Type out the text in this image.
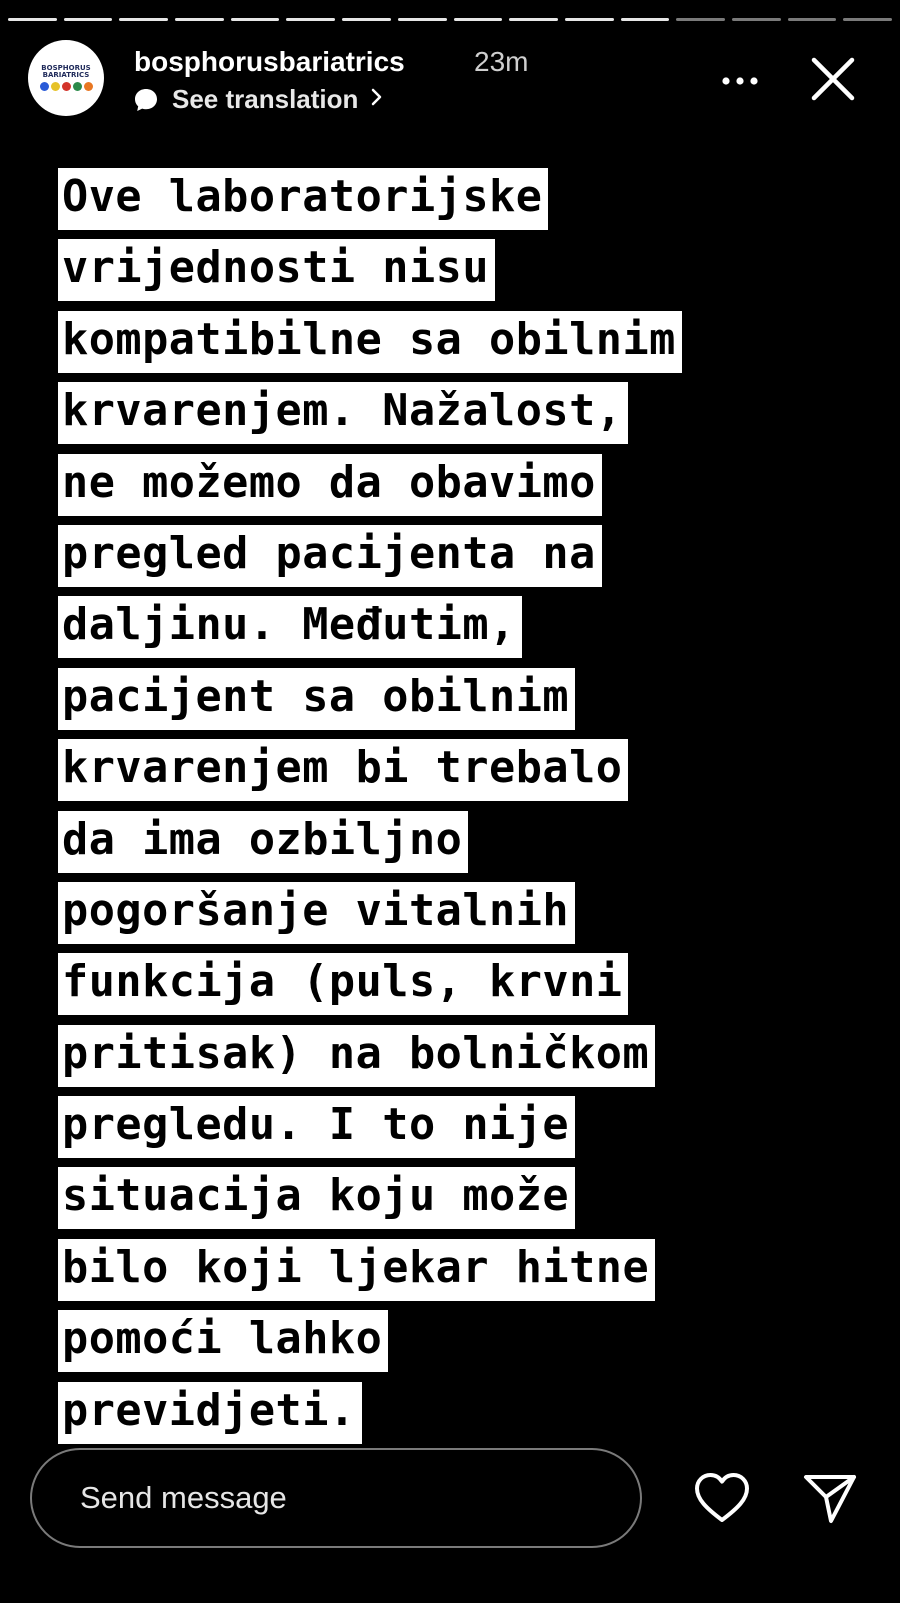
BOSPHORUS
BARIATRICS bosphorusbariatrics 23m
See translation
Ove laboratorijske
vrijednosti nisu
kompatibilne sa obilnim
krvarenjem. Nažalost,
ne možemo da obavimo
pregled pacijenta na
daljinu. Međutim,
pacijent sa obilnim
krvarenjem bi trebalo
da ima ozbiljno
pogoršanje vitalnih
funkcija (puls, krvni
pritisak) na bolničkom
pregledu. I to nije
situacija koju može
bilo koji ljekar hitne
pomoći lahko
previdjeti.
Send message
